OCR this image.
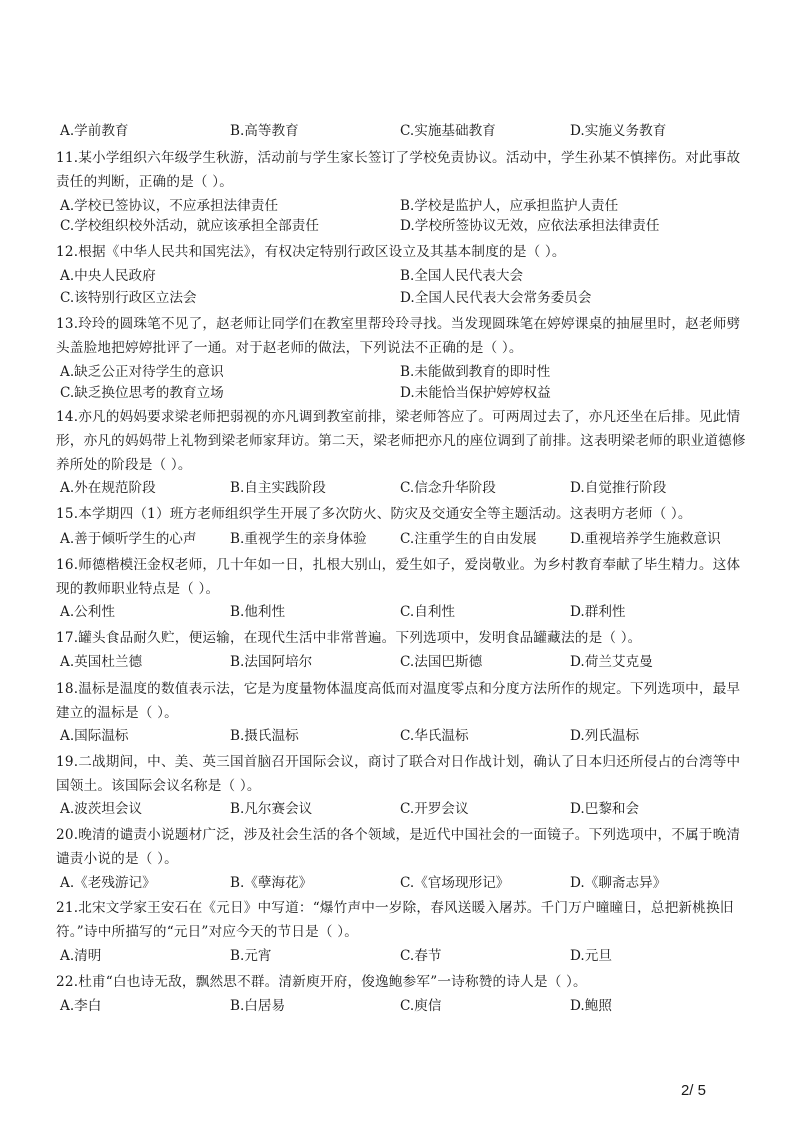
A.学前教育	B.高等教育	C.实施基础教育	D.实施义务教育
11.某小学组织六年级学生秋游，活动前与学生家长签订了学校免责协议。活动中，学生孙某不慎摔伤。对此事故责任的判断，正确的是（ ）。
A.学校已签协议，不应承担法律责任	B.学校是监护人，应承担监护人责任
C.学校组织校外活动，就应该承担全部责任	D.学校所签协议无效，应依法承担法律责任
12.根据《中华人民共和国宪法》，有权决定特别行政区设立及其基本制度的是（ ）。
A.中央人民政府	B.全国人民代表大会
C.该特别行政区立法会	D.全国人民代表大会常务委员会
13.玲玲的圆珠笔不见了，赵老师让同学们在教室里帮玲玲寻找。当发现圆珠笔在婷婷课桌的抽屉里时，赵老师劈头盖脸地把婷婷批评了一通。对于赵老师的做法，下列说法不正确的是（ ）。
A.缺乏公正对待学生的意识	B.未能做到教育的即时性
C.缺乏换位思考的教育立场	D.未能恰当保护婷婷权益
14.亦凡的妈妈要求梁老师把弱视的亦凡调到教室前排，梁老师答应了。可两周过去了，亦凡还坐在后排。见此情形，亦凡的妈妈带上礼物到梁老师家拜访。第二天，梁老师把亦凡的座位调到了前排。这表明梁老师的职业道德修养所处的阶段是（ ）。
A.外在规范阶段	B.自主实践阶段	C.信念升华阶段	D.自觉推行阶段
15.本学期四（1）班方老师组织学生开展了多次防火、防灾及交通安全等主题活动。这表明方老师（ ）。
A.善于倾听学生的心声 B.重视学生的亲身体验 C.注重学生的自由发展 D.重视培养学生施救意识
16.师德楷模汪金权老师，几十年如一日，扎根大别山，爱生如子，爱岗敬业。为乡村教育奉献了毕生精力。这体现的教师职业特点是（ ）。
A.公利性	B.他利性	C.自利性	D.群利性
17.罐头食品耐久贮，便运输，在现代生活中非常普遍。下列选项中，发明食品罐藏法的是（ ）。
A.英国杜兰德	B.法国阿培尔	C.法国巴斯德	D.荷兰艾克曼
18.温标是温度的数值表示法，它是为度量物体温度高低而对温度零点和分度方法所作的规定。下列选项中，最早建立的温标是（ ）。
A.国际温标	B.摄氏温标	C.华氏温标	D.列氏温标
19.二战期间，中、美、英三国首脑召开国际会议，商讨了联合对日作战计划，确认了日本归还所侵占的台湾等中国领土。该国际会议名称是（ ）。
A.波茨坦会议	B.凡尔赛会议	C.开罗会议	D.巴黎和会
20.晚清的谴责小说题材广泛，涉及社会生活的各个领域，是近代中国社会的一面镜子。下列选项中，不属于晚清谴责小说的是（ ）。
A.《老残游记》	B.《孽海花》	C.《官场现形记》	D.《聊斋志异》
21.北宋文学家王安石在《元日》中写道：“爆竹声中一岁除，春风送暖入屠苏。千门万户曈曈日，总把新桃换旧符。”诗中所描写的“元日”对应今天的节日是（ ）。
A.清明	B.元宵	C.春节	D.元旦
22.杜甫“白也诗无敌，飘然思不群。清新庾开府，俊逸鲍参军”一诗称赞的诗人是（ ）。
A.李白	B.白居易	C.庾信	D.鲍照
2/ 5
